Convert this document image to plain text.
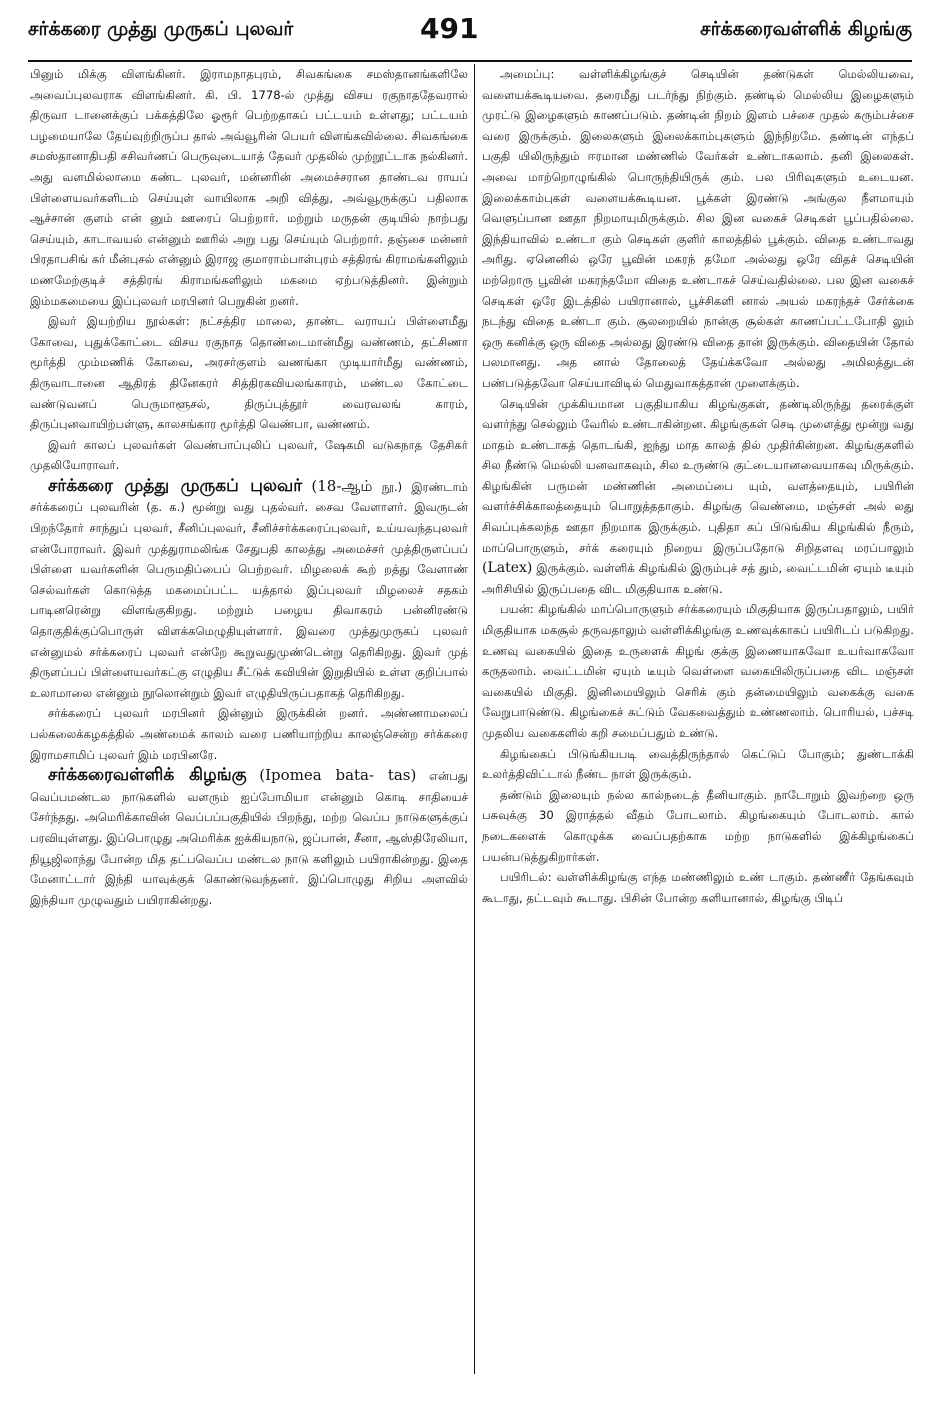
சர்க்கரை முத்து முருகப் புலவர்	491	சர்க்கரைவள்ளிக் கிழங்கு

பினும் மிக்கு விளங்கினர். இராமநாதபுரம், சிவகங்கை சமஸ்தானங்களிலே அவைப்புலவராக விளங்கினர். கி. பி. 1778-ல் முத்து விசய ரகுநாததேவரால் திருவா டானைக்குப் பக்கத்திலே ஓரூர் பெற்றதாகப் பட்டயம் உள்ளது; பட்டயம் பழமையாலே தேய்வுற்றிருப்ப தால் அவ்வூரின் பெயர் விளங்கவில்லை. சிவகங்கை சமஸ்தானாதிபதி சசிவர்ணப் பெருவுடையாத் தேவர் முதலில் முற்றூட்டாக நல்கினர். அது வளமில்லாமை கண்ட புலவர், மன்னரின் அமைச்சரான தாண்டவ ராயப் பிள்ளையவர்களிடம் செய்யுள் வாயிலாக அறி வித்து, அவ்வூருக்குப் பதிலாக ஆச்சான் குளம் என் னும் ஊரைப் பெற்றார். மற்றும் மருதன் குடியில் நாற்பது செய்யும், காடாவயல் என்னும் ஊரில் அறு பது செய்யும் பெற்றார். தஞ்சை மன்னர் பிரதாபசிங் கர் மீன்புசல் என்னும் இராஜ குமாராம்பாள்புரம் சத்திரங் கிராமங்களிலும் மணமேற்குடிச் சத்திரங் கிராமங்களிலும் மகமை ஏற்படுத்தினர். இன்றும் இம்மகமையை இப்புலவர் மரபினர் பெறுகின் றனர்.

இவர் இயற்றிய நூல்கள்: நட்சத்திர மாலை, தாண்ட வராயப் பிள்ளைமீது கோவை, புதுக்கோட்டை விசய ரகுநாத தொண்டைமான்மீது வண்ணம், தட்சிணா மூர்த்தி மும்மணிக் கோவை, அரசர்குளம் வணங்கா முடியார்மீது வண்ணம், திருவாடானை ஆதிரத் தினேசுரர் சித்திரகவியலங்காரம், மண்டல கோட்டை வண்டுவனப் பெருமாளூசல், திருப்புத்தூர் வைரவலங் காரம், திருப்புனவாயிற்பள்ளு, காலசங்கார மூர்த்தி வெண்பா, வண்ணம்.

இவர் காலப் புலவர்கள் வெண்பாப்புலிப் புலவர், ஷேகமி வடுகநாத தேசிகர் முதலியோராவர்.

சர்க்கரை முத்து முருகப் புலவர் (18-ஆம் நூ.) இரண்டாம் சர்க்கரைப் புலவரின் (த. க.) மூன்று வது புதல்வர். சைவ வேளாளர். இவருடன் பிறந்தோர் சாந்துப் புலவர், சீனிப்புலவர், சீனிச்சர்க்கரைப்புலவர், உய்யவந்தபுலவர் என்போராவர். இவர் முத்துராமலிங்க சேதுபதி காலத்து அமைச்சர் முத்திருளப்பப் பிள்ளை யவர்களின் பெருமதிப்பைப் பெற்றவர். மிழலைக் கூற் றத்து வேளாண் செல்வர்கள் கொடுத்த மகமைப்பட்ட யத்தால் இப்புலவர் மிழலைச் சதகம் பாடினரென்று விளங்குகிறது. மற்றும் பழைய திவாகரம் பன்னிரண்டு தொகுதிக்குப்பொருள் விளக்கமெழுதியுள்ளார். இவரை முத்துமுருகப் புலவர் என்னுமல் சர்க்கரைப் புலவர் என்றே கூறுவதுமுண்டென்று தெரிகிறது. இவர் முத் திருளப்பப் பிள்ளையவர்கட்கு எழுதிய சீட்டுக் கவியின் இறுதியில் உள்ள குறிப்பால் உலாமாலை என்னும் நூலொன்றும் இவர் எழுதியிருப்பதாகத் தெரிகிறது.

சர்க்கரைப் புலவர் மரபினர் இன்னும் இருக்கின் றனர். அண்ணாமலைப் பல்கலைக்கழகத்தில் அண்மைக் காலம் வரை பணியாற்றிய காலஞ்சென்ற சர்க்கரை இராமசாமிப் புலவர் இம் மரபினரே.

சர்க்கரைவள்ளிக் கிழங்கு (Ipomea bata- tas) என்பது வெப்பமண்டல நாடுகளில் வளரும் ஐப்போமியா என்னும் கொடி சாதியைச் சேர்ந்தது. அமெரிக்காவின் வெப்பப்பகுதியில் பிறந்து, மற்ற வெப்ப நாடுகளுக்குப் பரவியுள்ளது. இப்பொழுது அமெரிக்க ஐக்கியநாடு, ஜப்பான், சீனா, ஆஸ்திரேலியா, நியூஜிலாந்து போன்ற மித தட்பவெப்ப மண்டல நாடு களிலும் பயிராகின்றது. இதை மேனாட்டார் இந்தி யாவுக்குக் கொண்டுவந்தனர். இப்பொழுது சிறிய அளவில் இந்தியா முழுவதும் பயிராகின்றது.

அமைப்பு: வள்ளிக்கிழங்குச் செடியின் தண்டுகள் மெல்லியவை, வளையக்கூடியவை. தரைமீது படர்ந்து நிற்கும். தண்டில் மெல்லிய இழைகளும் முரட்டு இழைகளும் காணப்படும். தண்டின் நிறம் இளம் பச்சை முதல் கரும்பச்சை வரை இருக்கும். இலைகளும் இலைக்காம்புகளும் இந்நிறமே. தண்டின் எந்தப் பகுதி யிலிருந்தும் ஈரமான மண்ணில் வேர்கள் உண்டாகலாம். தனி இலைகள். அவை மாற்றொழுங்கில் பொருந்தியிருக் கும். பல பிரிவுகளும் உடையன. இலைக்காம்புகள் வளையக்கூடியன. பூக்கள் இரண்டு அங்குல நீளமாயும் வெளுப்பான ஊதா நிறமாயுமிருக்கும். சில இன வகைச் செடிகள் பூப்பதில்லை. இந்தியாவில் உண்டா கும் செடிகள் குளிர் காலத்தில் பூக்கும். விதை உண்டாவது அரிது. ஏனெனில் ஒரே பூவின் மகரந் தமோ அல்லது ஒரே விதச் செடியின் மற்றொரு பூவின் மகரந்தமோ விதை உண்டாகச் செய்வதில்லை. பல இன வகைச் செடிகள் ஒரே இடத்தில் பயிரானால், பூச்சிகளி னால் அயல் மகரந்தச் சேர்க்கை நடந்து விதை உண்டா கும். சூலறையில் நான்கு சூல்கள் காணப்பட்டபோதி லும் ஒரு கனிக்கு ஒரு விதை அல்லது இரண்டு விதை தான் இருக்கும். விதையின் தோல் பலமானது. அத னால் தோலைத் தேய்க்கவோ அல்லது அமிலத்துடன் பண்படுத்தவோ செய்யாவிடில் மெதுவாகத்தான் முளைக்கும்.

செடியின் முக்கியமான பகுதியாகிய கிழங்குகள், தண்டிலிருந்து தரைக்குள் வளர்ந்து செல்லும் வேரில் உண்டாகின்றன. கிழங்குகள் செடி முளைத்து மூன்று வது மாதம் உண்டாகத் தொடங்கி, ஐந்து மாத காலத் தில் முதிர்கின்றன. கிழங்குகளில் சில நீண்டு மெல்லி யனவாகவும், சில உருண்டு குட்டையானவையாகவு மிருக்கும். கிழங்கின் பருமன் மண்ணின் அமைப்பை யும், வளத்தையும், பயிரின் வளர்ச்சிக்காலத்தையும் பொறுத்ததாகும். கிழங்கு வெண்மை, மஞ்சள் அல் லது சிவப்புக்கலந்த ஊதா நிறமாக இருக்கும். புதிதா கப் பிடுங்கிய கிழங்கில் நீரும், மாப்பொருளும், சர்க் கரையும் நிறைய இருப்பதோடு சிறிதளவு மரப்பாலும் (Latex) இருக்கும். வள்ளிக் கிழங்கில் இரும்புச் சத் தும், வைட்டமின் ஏயும் டீயும் அரிசியில் இருப்பதை விட மிகுதியாக உண்டு.

பயன்: கிழங்கில் மாப்பொருளும் சர்க்கரையும் மிகுதியாக இருப்பதாலும், பயிர் மிகுதியாக மகசூல் தருவதாலும் வள்ளிக்கிழங்கு உணவுக்காகப் பயிரிடப் படுகிறது. உணவு வகையில் இதை உருளைக் கிழங் குக்கு இணையாகவோ உயர்வாகவோ கருதலாம். வைட்டமின் ஏயும் டீயும் வெள்ளை வகையிலிருப்பதை விட மஞ்சள் வகையில் மிகுதி. இனிமையிலும் செரிக் கும் தன்மையிலும் வகைக்கு வகை வேறுபாடுண்டு. கிழங்கைச் சுட்டும் வேகவைத்தும் உண்ணலாம். பொரியல், பச்சடி முதலிய வகைகளில் கறி சமைப்பதும் உண்டு.

கிழங்கைப் பிடுங்கியபடி வைத்திருந்தால் கெட்டுப் போகும்; துண்டாக்கி உலர்த்திவிட்டால் நீண்ட நாள் இருக்கும்.

தண்டும் இலையும் நல்ல கால்நடைத் தீனியாகும். நாடோறும் இவற்றை ஒரு பசுவுக்கு 30 இராத்தல் வீதம் போடலாம். கிழங்கையும் போடலாம். கால் நடைகளைக் கொழுக்க வைப்பதற்காக மற்ற நாடுகளில் இக்கிழங்கைப் பயன்படுத்துகிறார்கள்.

பயிரிடல்: வள்ளிக்கிழங்கு எந்த மண்ணிலும் உண் டாகும். தண்ணீர் தேங்கவும் கூடாது, தட்டவும் கூடாது. பிசின் போன்ற களியானால், கிழங்கு பிடிப்
